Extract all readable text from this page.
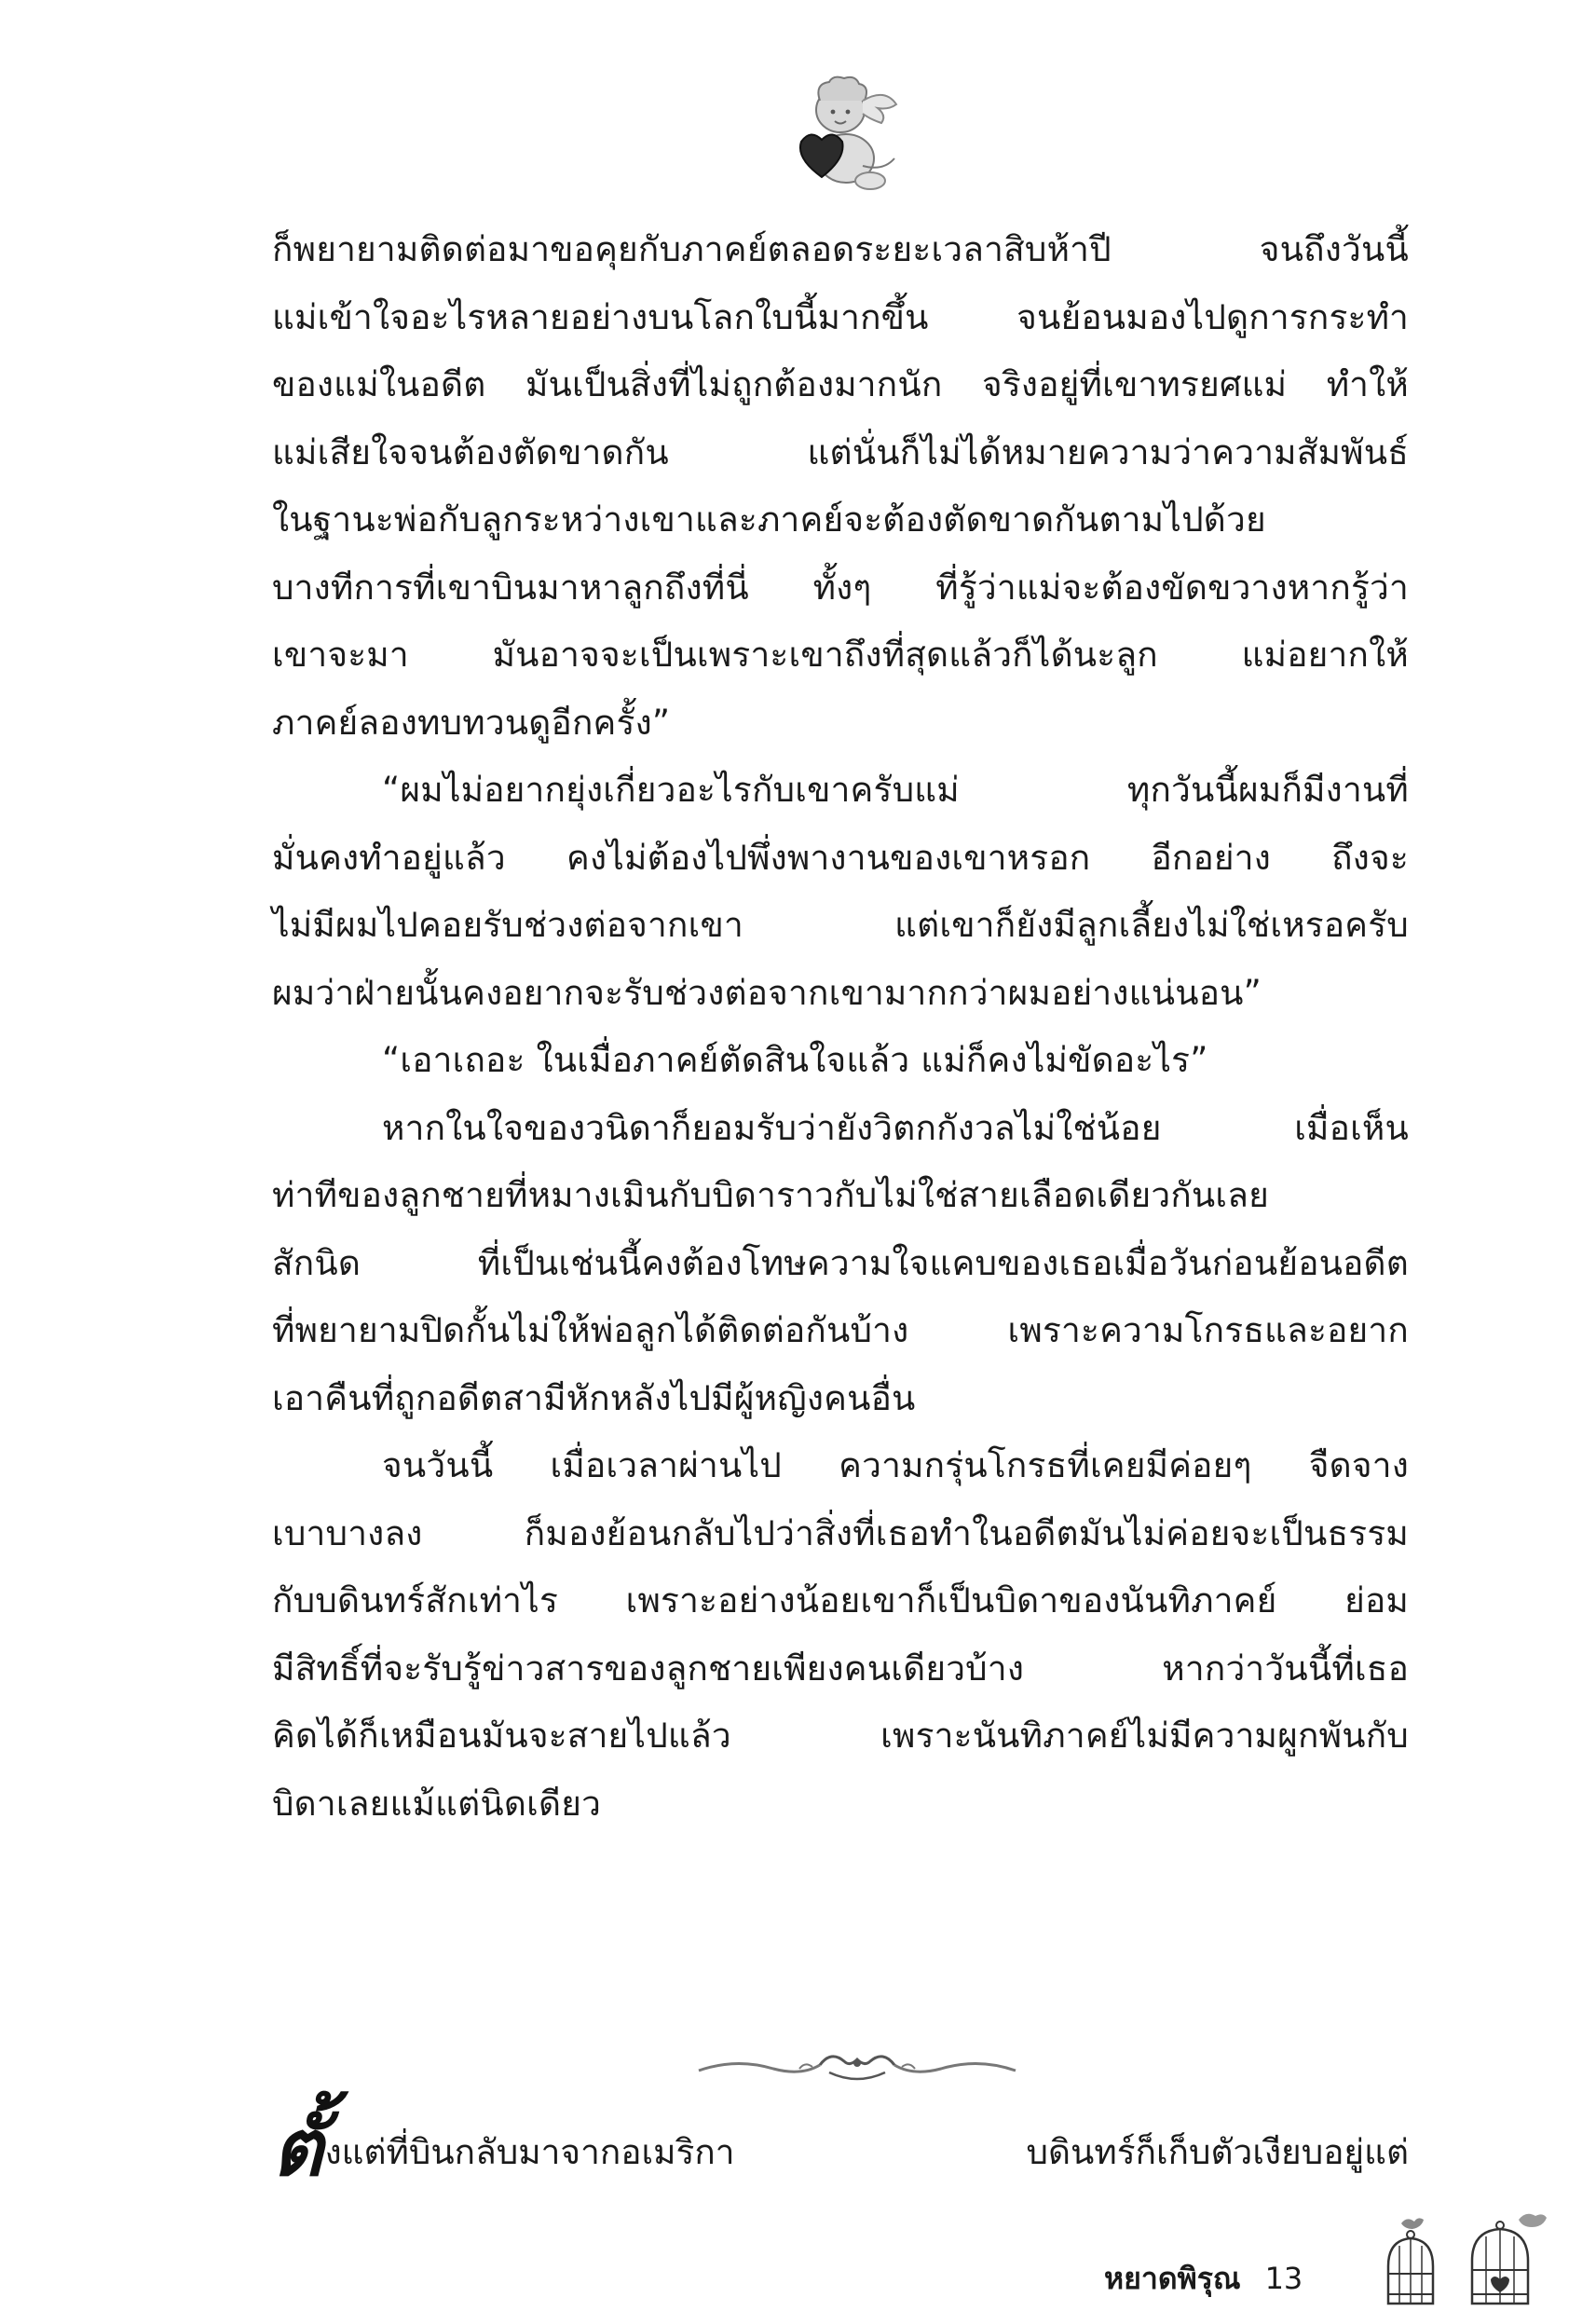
ก็พยายามติดต่อมาขอคุยกับภาคย์ตลอดระยะเวลาสิบห้าปี จนถึงวันนี้
แม่เข้าใจอะไรหลายอย่างบนโลกใบนี้มากขึ้น จนย้อนมองไปดูการกระทำ
ของแม่ในอดีต มันเป็นสิ่งที่ไม่ถูกต้องมากนัก จริงอยู่ที่เขาทรยศแม่ ทำให้
แม่เสียใจจนต้องตัดขาดกัน แต่นั่นก็ไม่ได้หมายความว่าความสัมพันธ์
ในฐานะพ่อกับลูกระหว่างเขาและภาคย์จะต้องตัดขาดกันตามไปด้วย
บางทีการที่เขาบินมาหาลูกถึงที่นี่ ทั้งๆ ที่รู้ว่าแม่จะต้องขัดขวางหากรู้ว่า
เขาจะมา มันอาจจะเป็นเพราะเขาถึงที่สุดแล้วก็ได้นะลูก แม่อยากให้
ภาคย์ลองทบทวนดูอีกครั้ง”
“ผมไม่อยากยุ่งเกี่ยวอะไรกับเขาครับแม่ ทุกวันนี้ผมก็มีงานที่
มั่นคงทำอยู่แล้ว คงไม่ต้องไปพึ่งพางานของเขาหรอก อีกอย่าง ถึงจะ
ไม่มีผมไปคอยรับช่วงต่อจากเขา แต่เขาก็ยังมีลูกเลี้ยงไม่ใช่เหรอครับ
ผมว่าฝ่ายนั้นคงอยากจะรับช่วงต่อจากเขามากกว่าผมอย่างแน่นอน”
“เอาเถอะ ในเมื่อภาคย์ตัดสินใจแล้ว แม่ก็คงไม่ขัดอะไร”
หากในใจของวนิดาก็ยอมรับว่ายังวิตกกังวลไม่ใช่น้อย เมื่อเห็น
ท่าทีของลูกชายที่หมางเมินกับบิดาราวกับไม่ใช่สายเลือดเดียวกันเลย
สักนิด ที่เป็นเช่นนี้คงต้องโทษความใจแคบของเธอเมื่อวันก่อนย้อนอดีต
ที่พยายามปิดกั้นไม่ให้พ่อลูกได้ติดต่อกันบ้าง เพราะความโกรธและอยาก
เอาคืนที่ถูกอดีตสามีหักหลังไปมีผู้หญิงคนอื่น
จนวันนี้ เมื่อเวลาผ่านไป ความกรุ่นโกรธที่เคยมีค่อยๆ จืดจาง
เบาบางลง ก็มองย้อนกลับไปว่าสิ่งที่เธอทำในอดีตมันไม่ค่อยจะเป็นธรรม
กับบดินทร์สักเท่าไร เพราะอย่างน้อยเขาก็เป็นบิดาของนันทิภาคย์ ย่อม
มีสิทธิ์ที่จะรับรู้ข่าวสารของลูกชายเพียงคนเดียวบ้าง หากว่าวันนี้ที่เธอ
คิดได้ก็เหมือนมันจะสายไปแล้ว เพราะนันทิภาคย์ไม่มีความผูกพันกับ
บิดาเลยแม้แต่นิดเดียว
ตั้ งแต่ที่บินกลับมาจากอเมริกา บดินทร์ก็เก็บตัวเงียบอยู่แต่
หยาดพิรุณ 13
